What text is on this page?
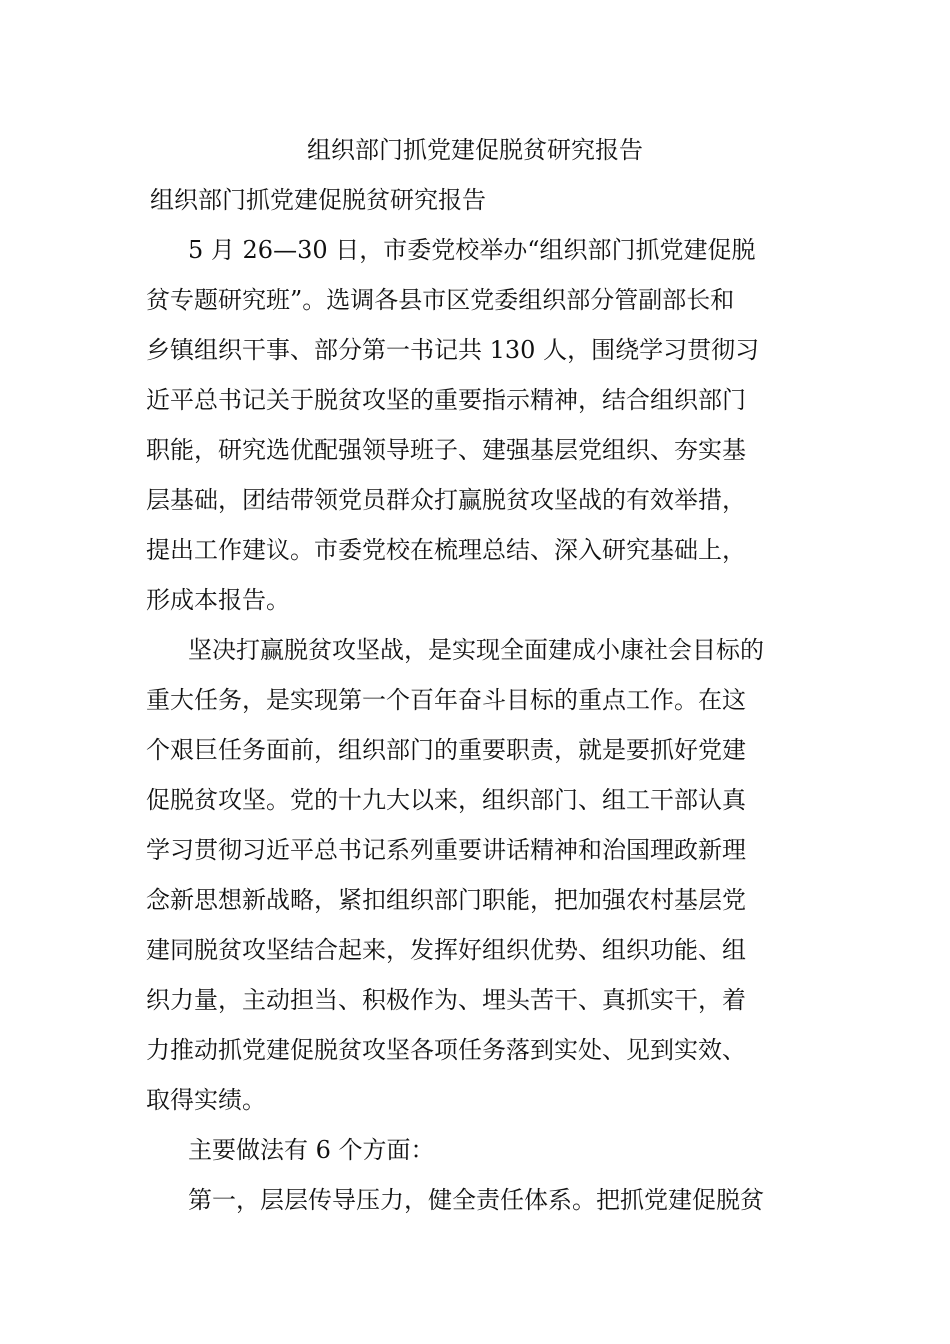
组织部门抓党建促脱贫研究报告
组织部门抓党建促脱贫研究报告
5 月 26—30 日，市委党校举办“组织部门抓党建促脱
贫专题研究班”。选调各县市区党委组织部分管副部长和
乡镇组织干事、部分第一书记共 130 人，围绕学习贯彻习
近平总书记关于脱贫攻坚的重要指示精神，结合组织部门
职能，研究选优配强领导班子、建强基层党组织、夯实基
层基础，团结带领党员群众打赢脱贫攻坚战的有效举措，
提出工作建议。市委党校在梳理总结、深入研究基础上，
形成本报告。
坚决打赢脱贫攻坚战，是实现全面建成小康社会目标的
重大任务，是实现第一个百年奋斗目标的重点工作。在这
个艰巨任务面前，组织部门的重要职责，就是要抓好党建
促脱贫攻坚。党的十九大以来，组织部门、组工干部认真
学习贯彻习近平总书记系列重要讲话精神和治国理政新理
念新思想新战略，紧扣组织部门职能，把加强农村基层党
建同脱贫攻坚结合起来，发挥好组织优势、组织功能、组
织力量，主动担当、积极作为、埋头苦干、真抓实干，着
力推动抓党建促脱贫攻坚各项任务落到实处、见到实效、
取得实绩。
主要做法有 6 个方面：
第一，层层传导压力，健全责任体系。把抓党建促脱贫
